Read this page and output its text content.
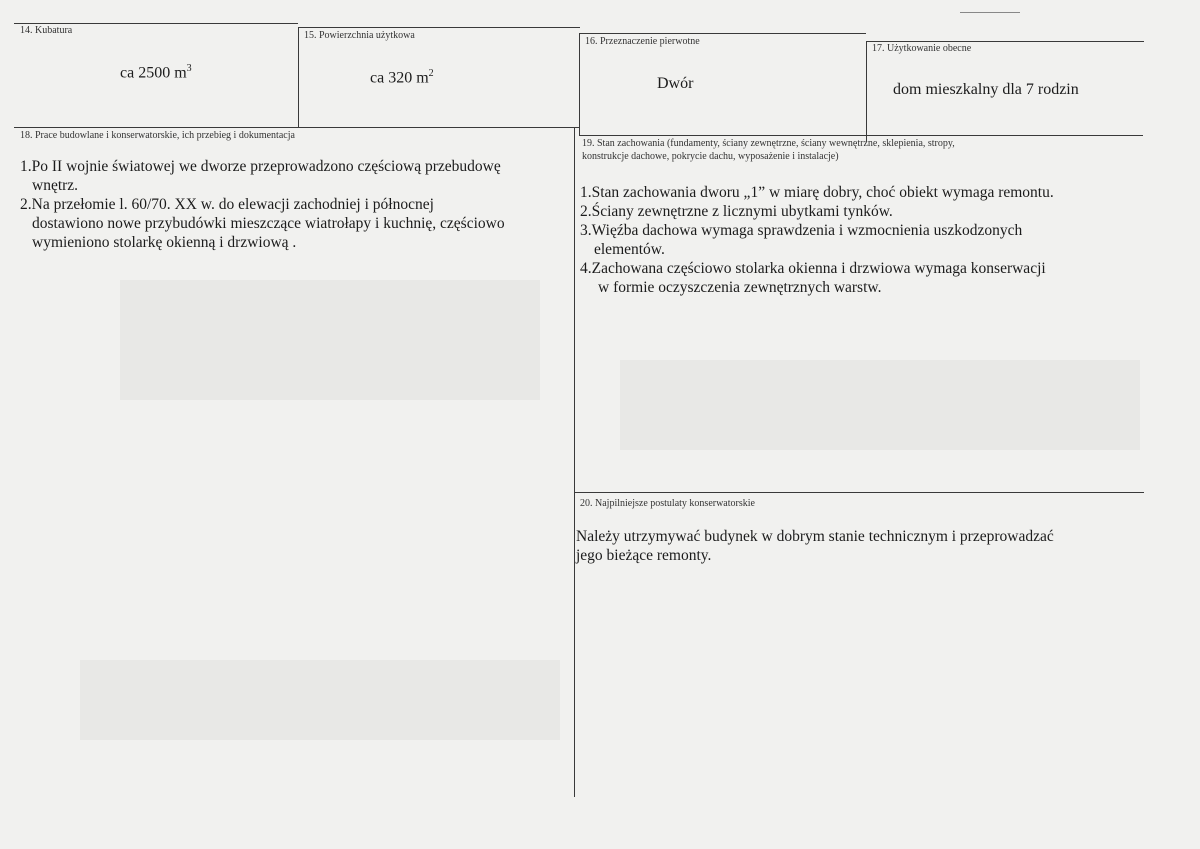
14. Kubatura
ca 2500 $m^3$
15. Powierzchnia użytkowa
ca 320 $m^2$
16. Przeznaczenie pierwotne
Dwór
17. Użytkowanie obecne
dom mieszkalny dla 7 rodzin
18. Prace budowlane i konserwatorskie, ich przebieg i dokumentacja
1.Po II wojnie światowej we dworze przeprowadzono częściową przebudowę
wnętrz.
2.Na przełomie l. 60/70. XX w. do elewacji zachodniej i północnej
dostawiono nowe przybudówki mieszczące wiatrołapy i kuchnię, częściowo
wymieniono stolarkę okienną i drzwiową .
19. Stan zachowania (fundamenty, ściany zewnętrzne, ściany wewnętrzne, sklepienia, stropy,
konstrukcje dachowe, pokrycie dachu, wyposażenie i instalacje)
1.Stan zachowania dworu „1” w miarę dobry, choć obiekt wymaga remontu.
2.Ściany zewnętrzne z licznymi ubytkami tynków.
3.Więźba dachowa wymaga sprawdzenia i wzmocnienia uszkodzonych
elementów.
4.Zachowana częściowo stolarka okienna i drzwiowa wymaga konserwacji
w formie oczyszczenia zewnętrznych warstw.
20. Najpilniejsze postulaty konserwatorskie
Należy utrzymywać budynek w dobrym stanie technicznym i przeprowadzać
jego bieżące remonty.
